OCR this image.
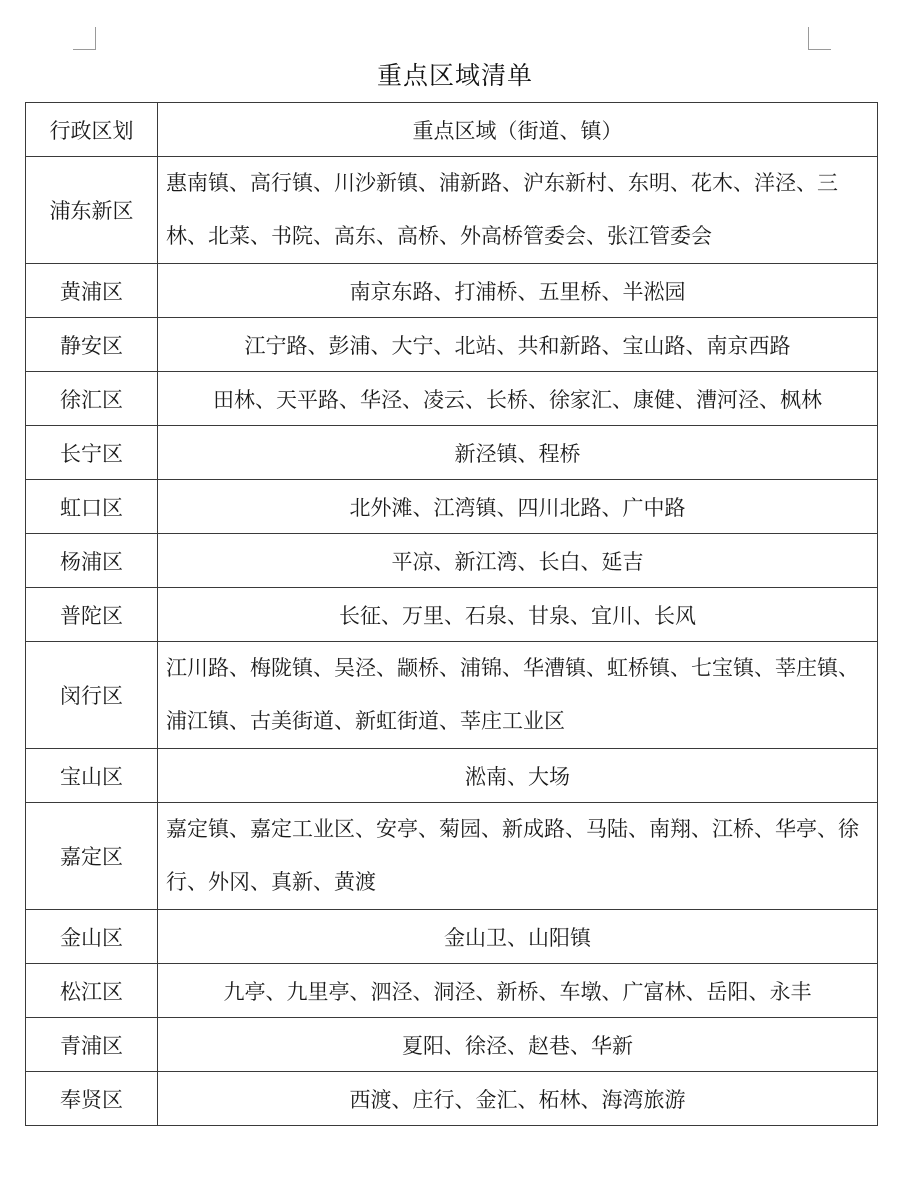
重点区域清单
行政区划	重点区域（街道、镇）
浦东新区	惠南镇、高行镇、川沙新镇、浦新路、沪东新村、东明、花木、洋泾、三林、北菜、书院、高东、高桥、外高桥管委会、张江管委会
黄浦区	南京东路、打浦桥、五里桥、半淞园
静安区	江宁路、彭浦、大宁、北站、共和新路、宝山路、南京西路
徐汇区	田林、天平路、华泾、凌云、长桥、徐家汇、康健、漕河泾、枫林
长宁区	新泾镇、程桥
虹口区	北外滩、江湾镇、四川北路、广中路
杨浦区	平凉、新江湾、长白、延吉
普陀区	长征、万里、石泉、甘泉、宜川、长风
闵行区	江川路、梅陇镇、吴泾、颛桥、浦锦、华漕镇、虹桥镇、七宝镇、莘庄镇、浦江镇、古美街道、新虹街道、莘庄工业区
宝山区	淞南、大场
嘉定区	嘉定镇、嘉定工业区、安亭、菊园、新成路、马陆、南翔、江桥、华亭、徐行、外冈、真新、黄渡
金山区	金山卫、山阳镇
松江区	九亭、九里亭、泗泾、洞泾、新桥、车墩、广富林、岳阳、永丰
青浦区	夏阳、徐泾、赵巷、华新
奉贤区	西渡、庄行、金汇、柘林、海湾旅游
